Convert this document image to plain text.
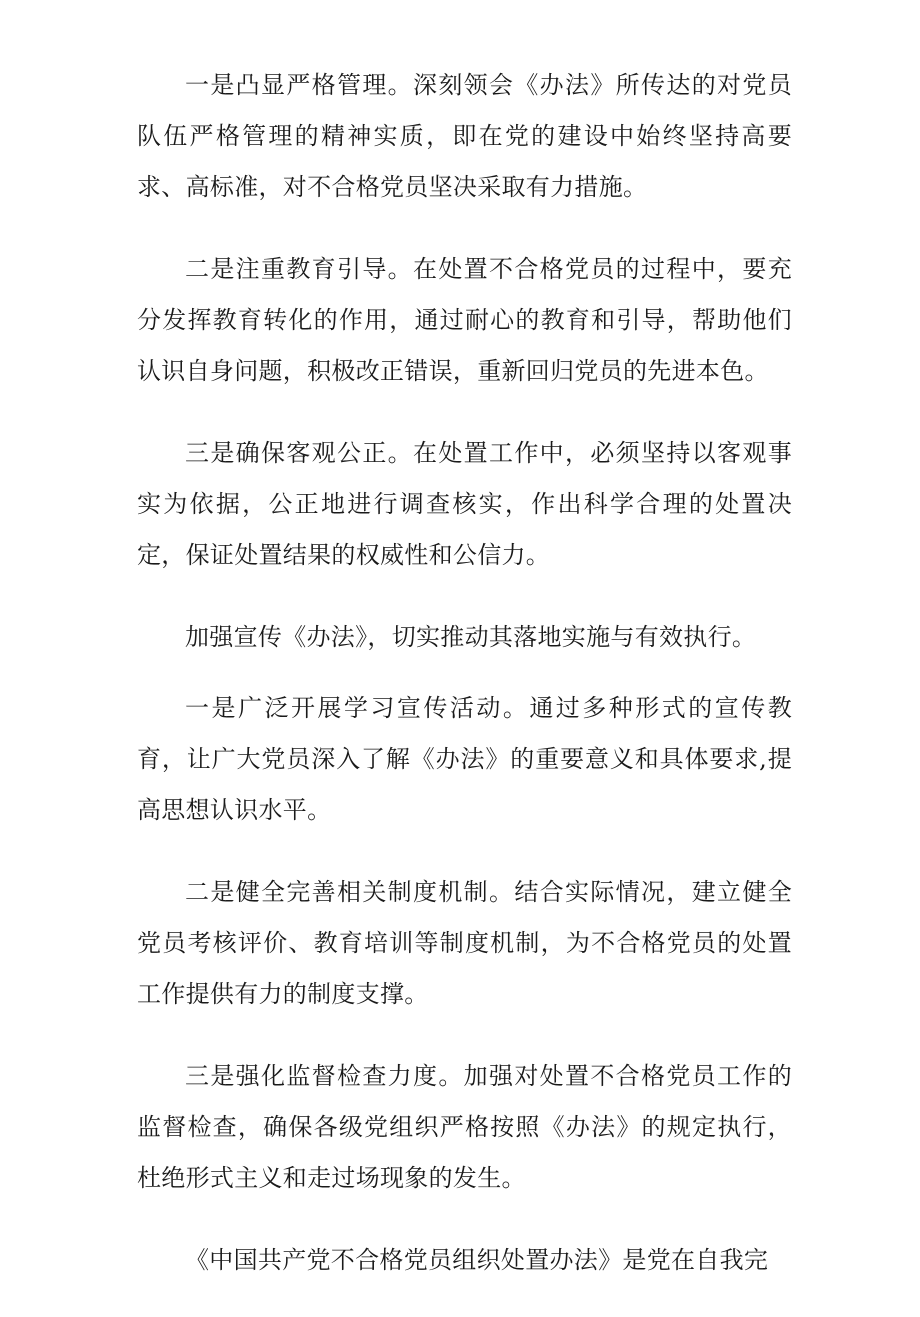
一是凸显严格管理。深刻领会《办法》所传达的对党员队伍严格管理的精神实质，即在党的建设中始终坚持高要求、高标准，对不合格党员坚决采取有力措施。

二是注重教育引导。在处置不合格党员的过程中，要充分发挥教育转化的作用，通过耐心的教育和引导，帮助他们认识自身问题，积极改正错误，重新回归党员的先进本色。

三是确保客观公正。在处置工作中，必须坚持以客观事实为依据，公正地进行调查核实，作出科学合理的处置决定，保证处置结果的权威性和公信力。

加强宣传《办法》，切实推动其落地实施与有效执行。

一是广泛开展学习宣传活动。通过多种形式的宣传教育，让广大党员深入了解《办法》的重要意义和具体要求,提高思想认识水平。

二是健全完善相关制度机制。结合实际情况，建立健全党员考核评价、教育培训等制度机制，为不合格党员的处置工作提供有力的制度支撑。

三是强化监督检查力度。加强对处置不合格党员工作的监督检查，确保各级党组织严格按照《办法》的规定执行，杜绝形式主义和走过场现象的发生。

《中国共产党不合格党员组织处置办法》是党在自我完
